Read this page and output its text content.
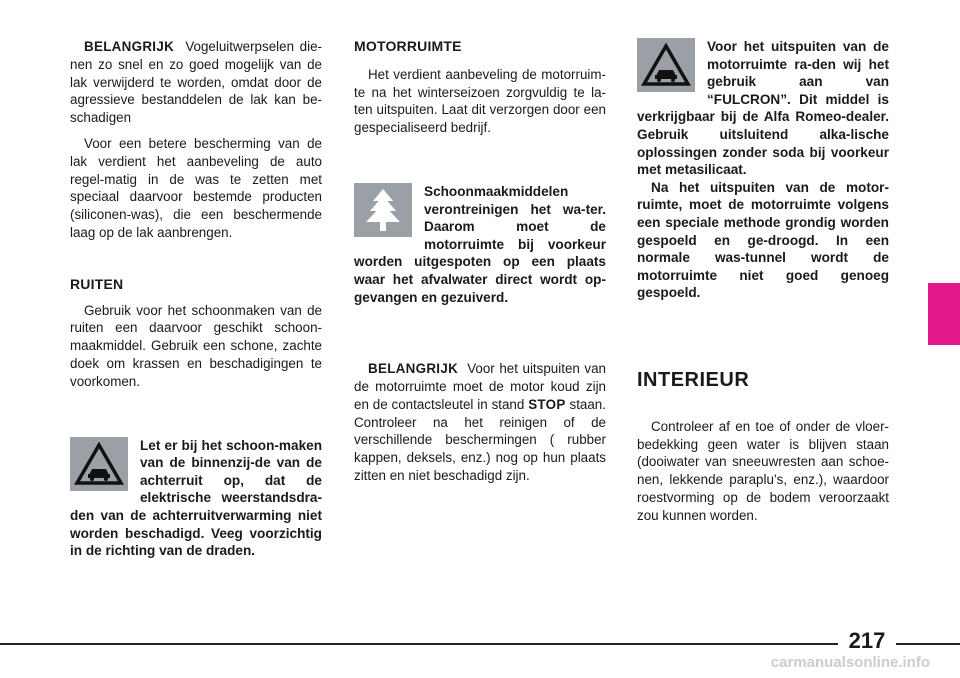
BELANGRIJK Vogeluitwerpselen die-nen zo snel en zo goed mogelijk van de lak verwijderd te worden, omdat door de agressieve bestanddelen de lak kan be-schadigen

Voor een betere bescherming van de lak verdient het aanbeveling de auto regel-matig in de was te zetten met speciaal daarvoor bestemde producten (siliconen-was), die een beschermende laag op de lak aanbrengen.

RUITEN

Gebruik voor het schoonmaken van de ruiten een daarvoor geschikt schoon-maakmiddel. Gebruik een schone, zachte doek om krassen en beschadigingen te voorkomen.

Let er bij het schoon-maken van de binnenzij-de van de achterruit op, dat de elektrische weerstandsdra-den van de achterruitverwarming niet worden beschadigd. Veeg voorzichtig in de richting van de draden.
MOTORRUIMTE

Het verdient aanbeveling de motorruim-te na het winterseizoen zorgvuldig te la-ten uitspuiten. Laat dit verzorgen door een gespecialiseerd bedrijf.

Schoonmaakmiddelen verontreinigen het wa-ter. Daarom moet de motorruimte bij voorkeur worden uitgespoten op een plaats waar het afvalwater direct wordt op-gevangen en gezuiverd.

BELANGRIJK Voor het uitspuiten van de motorruimte moet de motor koud zijn en de contactsleutel in stand STOP staan. Controleer na het reinigen of de verschillende beschermingen ( rubber kappen, deksels, enz.) nog op hun plaats zitten en niet beschadigd zijn.

Voor het uitspuiten van de motorruimte ra-den wij het gebruik aan van “FULCRON”. Dit middel is verkrijgbaar bij de Alfa Romeo-dealer. Gebruik uitsluitend alka-lische oplossingen zonder soda bij voorkeur met metasilicaat.
Na het uitspuiten van de motor-ruimte, moet de motorruimte volgens een speciale methode grondig worden gespoeld en ge-droogd. In een normale was-tunnel wordt de motorruimte niet goed genoeg gespoeld.
INTERIEUR

Controleer af en toe of onder de vloer-bedekking geen water is blijven staan (dooiwater van sneeuwresten aan schoe-nen, lekkende paraplu’s, enz.), waardoor roestvorming op de bodem veroorzaakt zou kunnen worden.

217
carmanualsonline.info
